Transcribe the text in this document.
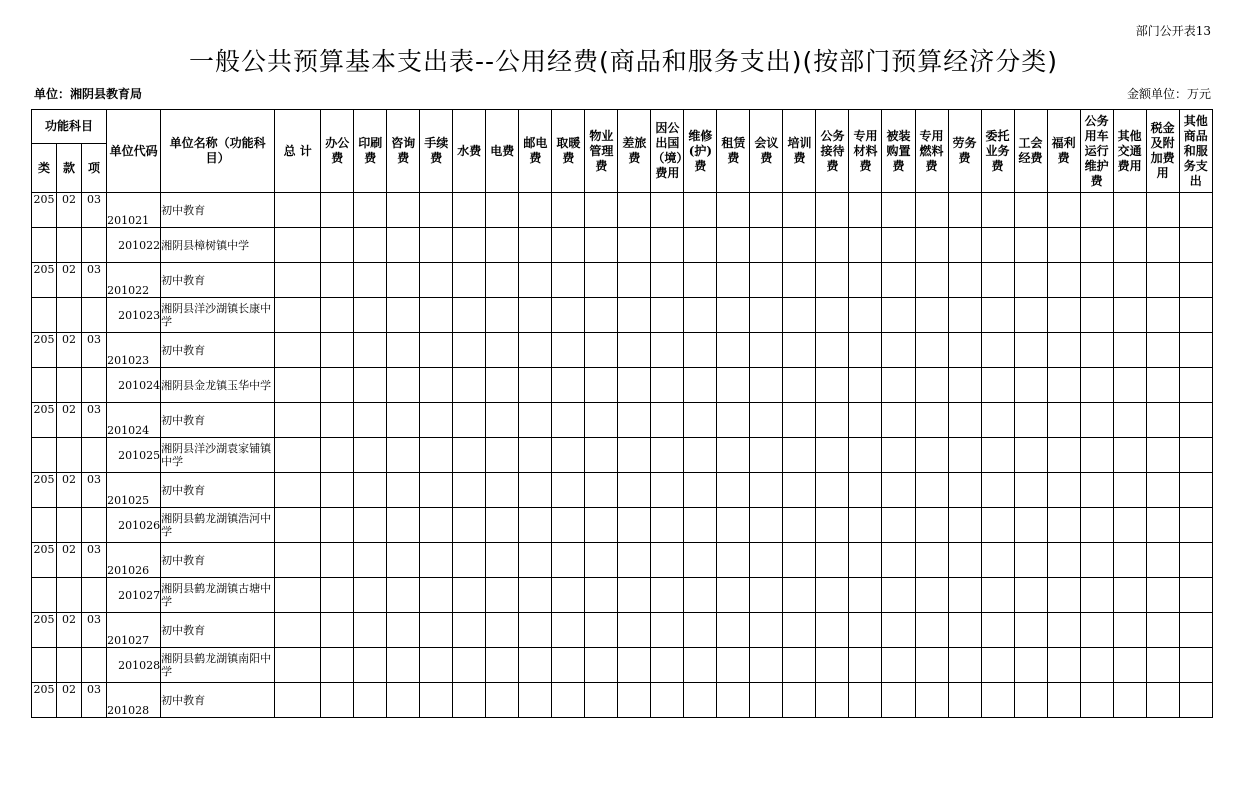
部门公开表13
一般公共预算基本支出表--公用经费(商品和服务支出)(按部门预算经济分类)
单位：湘阴县教育局	金额单位：万元
功能科目			单位代码	单位名称（功能科目）	总 计	办公费	印刷费	咨询费	手续费	水费	电费	邮电费	取暖费	物业管理费	差旅费	因公出国（境）费用	维修(护)费	租赁费	会议费	培训费	公务接待费	专用材料费	被装购置费	专用燃料费	劳务费	委托业务费	工会经费	福利费	公务用车运行维护费	其他交通费用	税金及附加费用	其他商品和服务支出
类	款	项																														
205	02	03	201021	初中教育																												
			201022	湘阴县樟树镇中学																												
205	02	03	201022	初中教育																												
			201023	湘阴县洋沙湖镇长康中学																												
205	02	03	201023	初中教育																												
			201024	湘阴县金龙镇玉华中学																												
205	02	03	201024	初中教育																												
			201025	湘阴县洋沙湖袁家铺镇中学																												
205	02	03	201025	初中教育																												
			201026	湘阴县鹤龙湖镇浩河中学																												
205	02	03	201026	初中教育																												
			201027	湘阴县鹤龙湖镇古塘中学																												
205	02	03	201027	初中教育																												
			201028	湘阴县鹤龙湖镇南阳中学																												
205	02	03	201028	初中教育																												
